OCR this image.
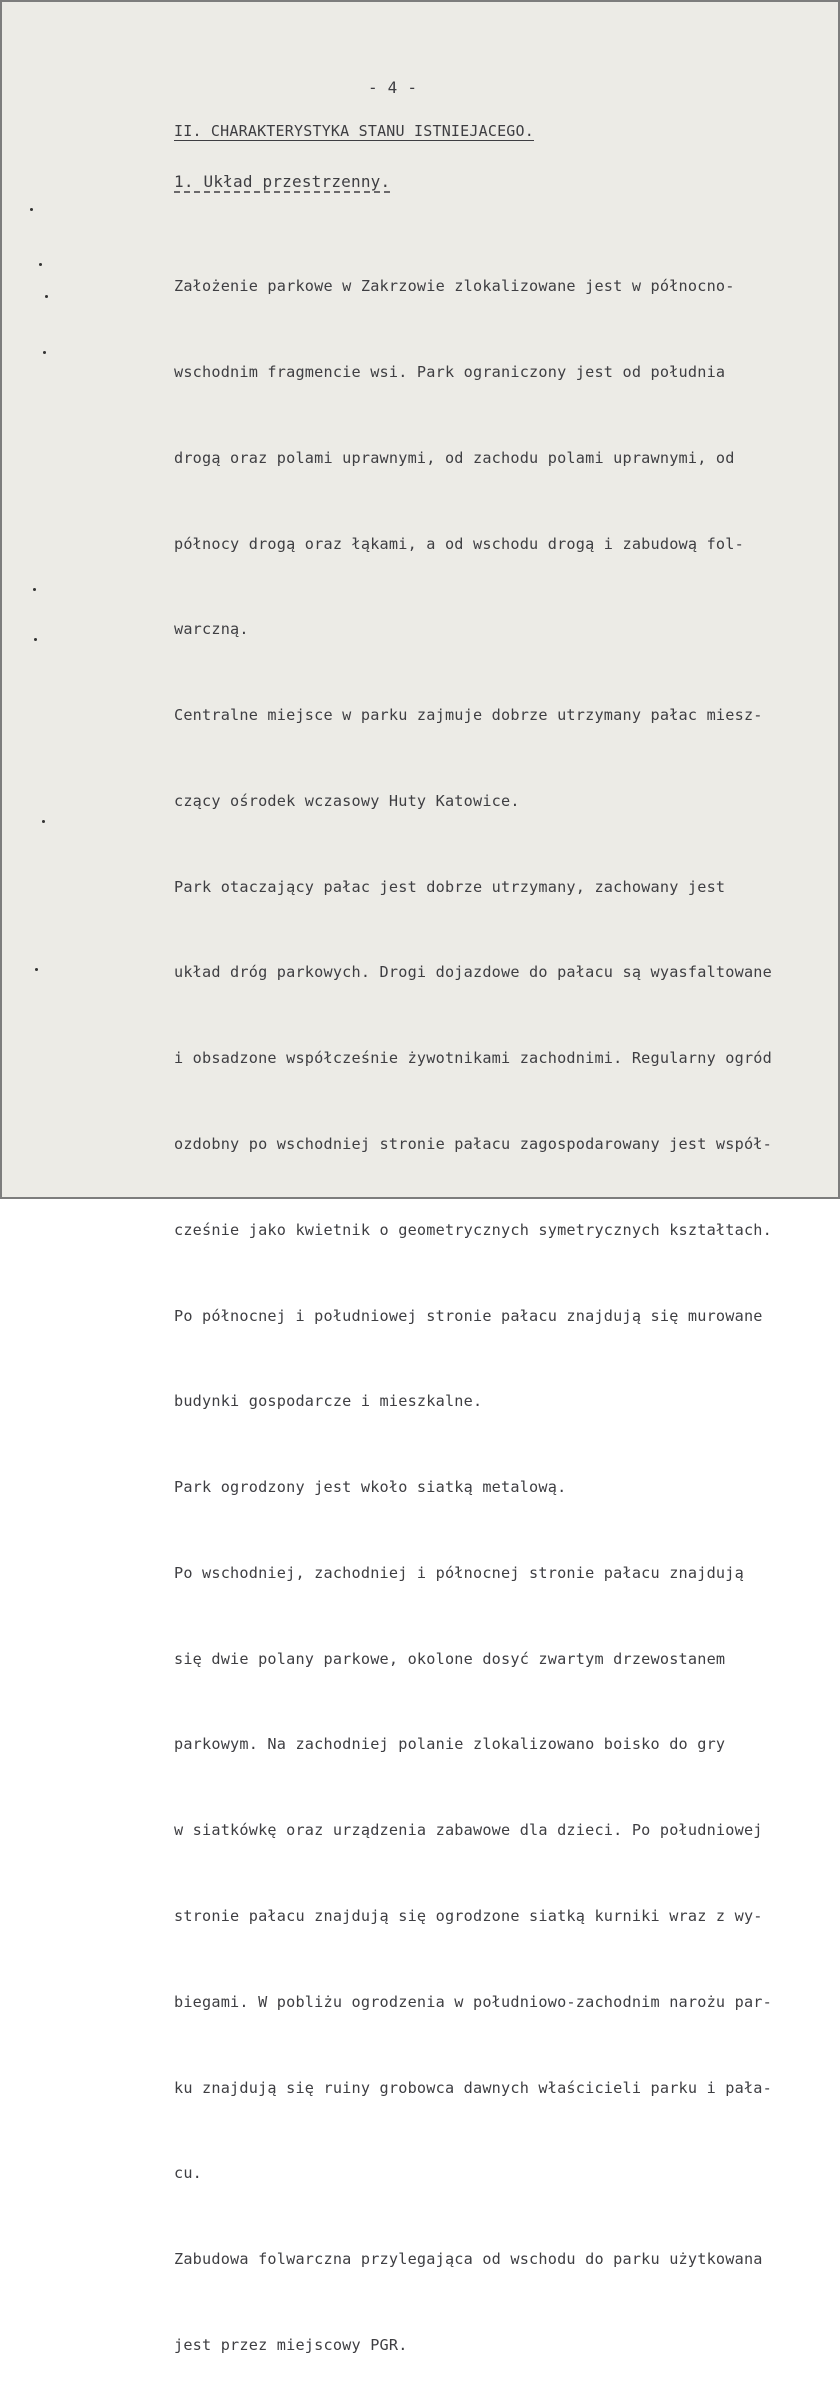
- 4 -
II. CHARAKTERYSTYKA STANU ISTNIEJACEGO.
1. Układ przestrzenny.

Założenie parkowe w Zakrzowie zlokalizowane jest w północno-

wschodnim fragmencie wsi. Park ograniczony jest od południa

drogą oraz polami uprawnymi, od zachodu polami uprawnymi, od

północy drogą oraz łąkami, a od wschodu drogą i zabudową fol-

warczną.

Centralne miejsce w parku zajmuje dobrze utrzymany pałac miesz-

czący ośrodek wczasowy Huty Katowice.

Park otaczający pałac jest dobrze utrzymany, zachowany jest

układ dróg parkowych. Drogi dojazdowe do pałacu są wyasfaltowane

i obsadzone współcześnie żywotnikami zachodnimi. Regularny ogród

ozdobny po wschodniej stronie pałacu zagospodarowany jest współ-

cześnie jako kwietnik o geometrycznych symetrycznych kształtach.

Po północnej i południowej stronie pałacu znajdują się murowane

budynki gospodarcze i mieszkalne.

Park ogrodzony jest wkoło siatką metalową.

Po wschodniej, zachodniej i północnej stronie pałacu znajdują

się dwie polany parkowe, okolone dosyć zwartym drzewostanem

parkowym. Na zachodniej polanie zlokalizowano boisko do gry

w siatkówkę oraz urządzenia zabawowe dla dzieci. Po południowej

stronie pałacu znajdują się ogrodzone siatką kurniki wraz z wy-

biegami. W pobliżu ogrodzenia w południowo-zachodnim narożu par-

ku znajdują się ruiny grobowca dawnych właścicieli parku i pała-

cu.

Zabudowa folwarczna przylegająca od wschodu do parku użytkowana

jest przez miejscowy PGR.
